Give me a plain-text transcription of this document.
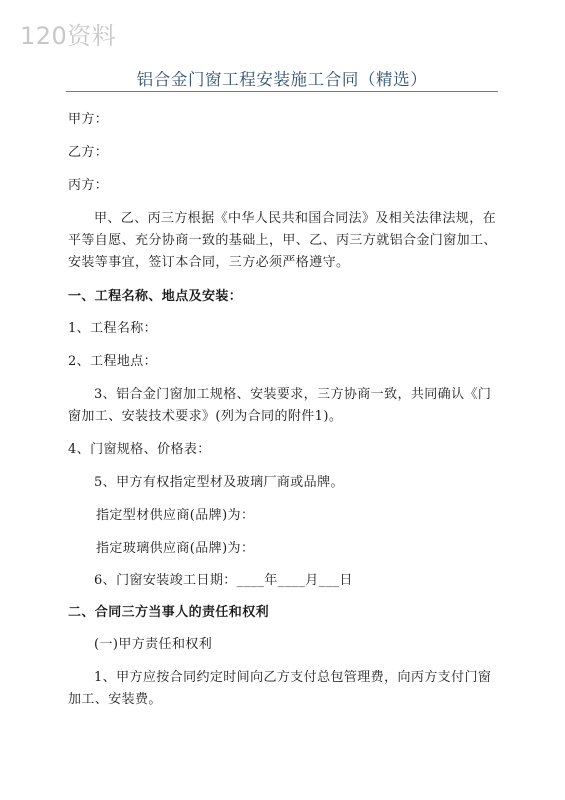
120资料
铝合金门窗工程安装施工合同（精选）
甲方：
乙方：
丙方：
甲、乙、丙三方根据《中华人民共和国合同法》及相关法律法规，在
平等自愿、充分协商一致的基础上，甲、乙、丙三方就铝合金门窗加工、
安装等事宜，签订本合同，三方必须严格遵守。
一、工程名称、地点及安装：
1、工程名称：
2、工程地点：
3、铝合金门窗加工规格、安装要求，三方协商一致，共同确认《门
窗加工、安装技术要求》(列为合同的附件1)。
4、门窗规格、价格表：
5、甲方有权指定型材及玻璃厂商或品牌。
指定型材供应商(品牌)为：
指定玻璃供应商(品牌)为：
6、门窗安装竣工日期：____年____月___日
二、合同三方当事人的责任和权利
(一)甲方责任和权利
1、甲方应按合同约定时间向乙方支付总包管理费，向丙方支付门窗
加工、安装费。
